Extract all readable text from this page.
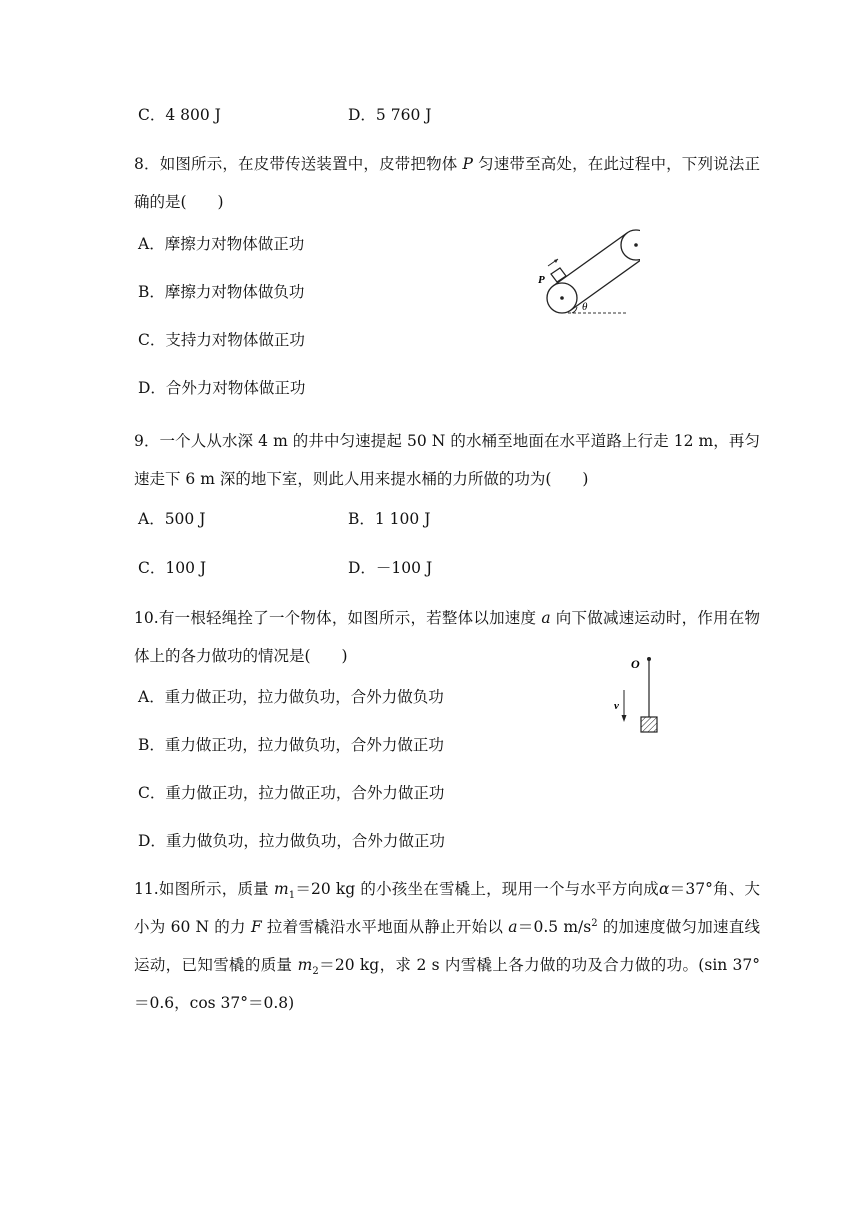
C．4 800 J	D．5 760 J
8．如图所示，在皮带传送装置中，皮带把物体 P 匀速带至高处，在此过程中，下列说法正确的是(　　)
A．摩擦力对物体做正功
B．摩擦力对物体做负功
C．支持力对物体做正功
D．合外力对物体做正功
P
θ
9．一个人从水深 4 m 的井中匀速提起 50 N 的水桶至地面在水平道路上行走 12 m，再匀速走下 6 m 深的地下室，则此人用来提水桶的力所做的功为(　　)
A．500 J	B．1 100 J
C．100 J	D．－100 J
10.有一根轻绳拴了一个物体，如图所示，若整体以加速度 a 向下做减速运动时，作用在物体上的各力做功的情况是(　　)
A．重力做正功，拉力做负功，合外力做负功
B．重力做正功，拉力做负功，合外力做正功
C．重力做正功，拉力做正功，合外力做正功
D．重力做负功，拉力做负功，合外力做正功
O
v
11.如图所示，质量 $m_1=20$ kg 的小孩坐在雪橇上，现用一个与水平方向成α＝37°角、大小为 60 N 的力 F 拉着雪橇沿水平地面从静止开始以 a＝0.5 $m/s^2$ 的加速度做匀加速直线运动，已知雪橇的质量 $m_2=20$ kg，求 2 s 内雪橇上各力做的功及合力做的功。(sin 37°＝0.6，cos 37°＝0.8)
